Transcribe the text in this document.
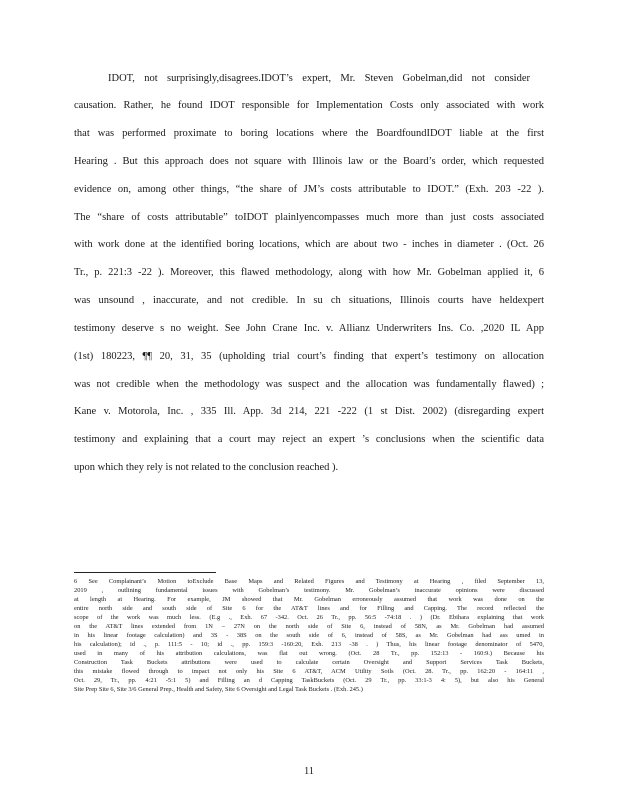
IDOT, not surprisingly,disagrees.IDOT’s expert, Mr. Steven Gobelman,did not consider
causation. Rather, he found IDOT responsible for Implementation Costs only associated with work
that was performed proximate to boring locations where the BoardfoundIDOT liable at the first
Hearing . But this approach does not square with Illinois law or the Board’s order, which requested
evidence on, among other things, “the share of JM’s costs attributable to IDOT.” (Exh. 203 -22 ).
The “share of costs attributable” toIDOT plainlyencompasses much more than just costs associated
with work done at the identified boring locations, which are about two - inches in diameter . (Oct. 26
Tr., p. 221:3 -22 ). Moreover, this flawed methodology, along with how Mr. Gobelman applied it, 6
was unsound , inaccurate, and not credible. In su ch situations, Illinois courts have heldexpert
testimony deserve s no weight. See John Crane Inc. v. Allianz Underwriters Ins. Co. ,2020 IL App
(1st) 180223, ¶¶ 20, 31, 35 (upholding trial court’s finding that expert’s testimony on allocation
was not credible when the methodology was suspect and the allocation was fundamentally flawed) ;
Kane v. Motorola, Inc. , 335 Ill. App. 3d 214, 221 -222 (1 st Dist. 2002) (disregarding expert
testimony and explaining that a court may reject an expert ’s conclusions when the scientific data
upon which they rely is not related to the conclusion reached ).
6 See Complainant’s Motion toExclude Base Maps and Related Figures and Testimony at Hearing , filed September 13,
2019 , outlining fundamental issues with Gobelman’s testimony. Mr. Gobelman’s inaccurate opinions were discussed
at length at Hearing. For example, JM showed that Mr. Gobelman erroneously assumed that work was done on the
entire north side and south side of Site 6 for the AT&T lines and for Filling and Capping. The record reflected the
scope of the work was much less. (E.g ., Exh. 67 -342. Oct. 26 Tr., pp. 56:5 -74:18 . ) (Dr. Ebihara explaining that work
on the AT&T lines extended from 1N – 27N on the north side of Site 6, instead of 58N, as Mr. Gobelman had assumed
in his linear footage calculation) and 3S - 38S on the south side of 6, instead of 58S, as Mr. Gobelman had ass umed in
his calculation); id ., p. 111:5 - 10; id ., pp. 159:3 -160:20, Exh. 213 -38 . ) Thus, his linear footage denominator of 5470,
used in many of his attribution calculations, was flat out wrong. (Oct. 28 Tr., pp. 152:13 - 160:9.) Because his
Construction Task Buckets attributions were used to calculate certain Oversight and Support Services Task Buckets,
this mistake flowed through to impact not only his Site 6 AT&T, ACM Utility Soils (Oct. 28. Tr., pp. 162:20 - 164:11 ,
Oct. 29, Tr., pp. 4:21 -5:1 5) and Filling an d Capping TaskBuckets (Oct. 29 Tr., pp. 33:1-3 4: 5), but also his General
Site Prep Site 6, Site 3/6 General Prep., Health and Safety, Site 6 Oversight and Legal Task Buckets . (Exh. 245.)
11
